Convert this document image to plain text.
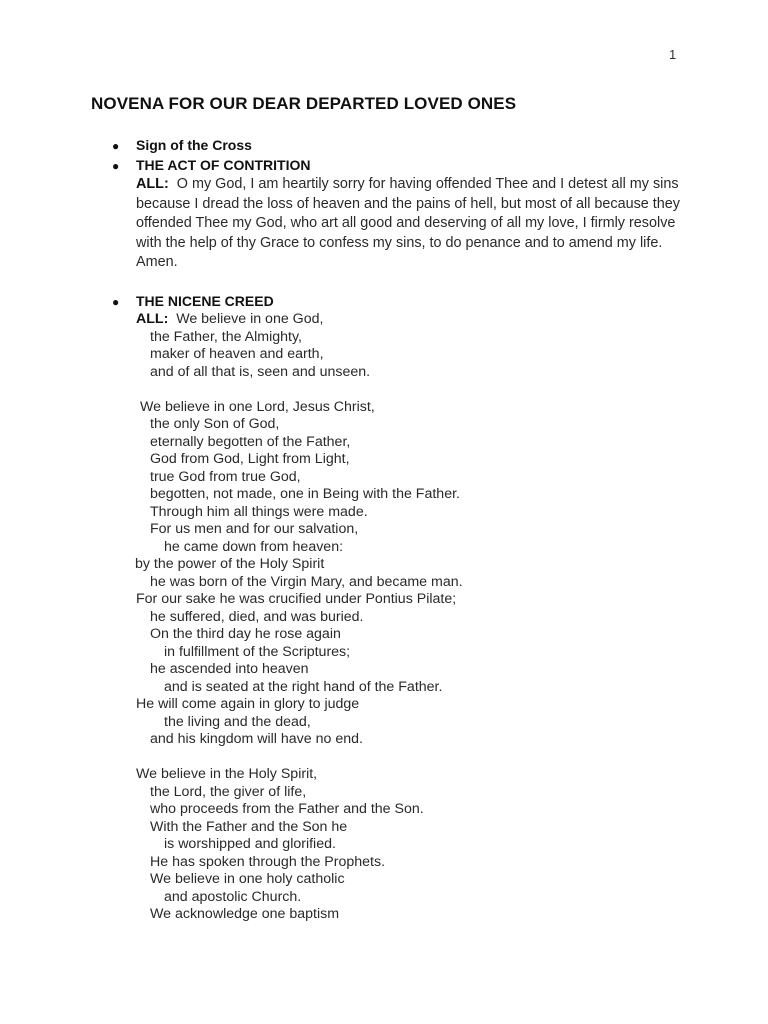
1
NOVENA FOR OUR DEAR DEPARTED LOVED ONES
● Sign of the Cross
● THE ACT OF CONTRITION

ALL: O my God, I am heartily sorry for having offended Thee and I detest all my sins because I dread the loss of heaven and the pains of hell, but most of all because they offended Thee my God, who art all good and deserving of all my love, I firmly resolve with the help of thy Grace to confess my sins, to do penance and to amend my life. Amen.

● THE NICENE CREED
ALL: We believe in one God,
the Father, the Almighty,
maker of heaven and earth,
and of all that is, seen and unseen.
We believe in one Lord, Jesus Christ,
the only Son of God,
eternally begotten of the Father,
God from God, Light from Light,
true God from true God,
begotten, not made, one in Being with the Father.
Through him all things were made.
For us men and for our salvation,
he came down from heaven:
by the power of the Holy Spirit
he was born of the Virgin Mary, and became man.
For our sake he was crucified under Pontius Pilate;
he suffered, died, and was buried.
On the third day he rose again
in fulfillment of the Scriptures;
he ascended into heaven
and is seated at the right hand of the Father.
He will come again in glory to judge
the living and the dead,
and his kingdom will have no end.
We believe in the Holy Spirit,
the Lord, the giver of life,
who proceeds from the Father and the Son.
With the Father and the Son he
is worshipped and glorified.
He has spoken through the Prophets.
We believe in one holy catholic
and apostolic Church.
We acknowledge one baptism
